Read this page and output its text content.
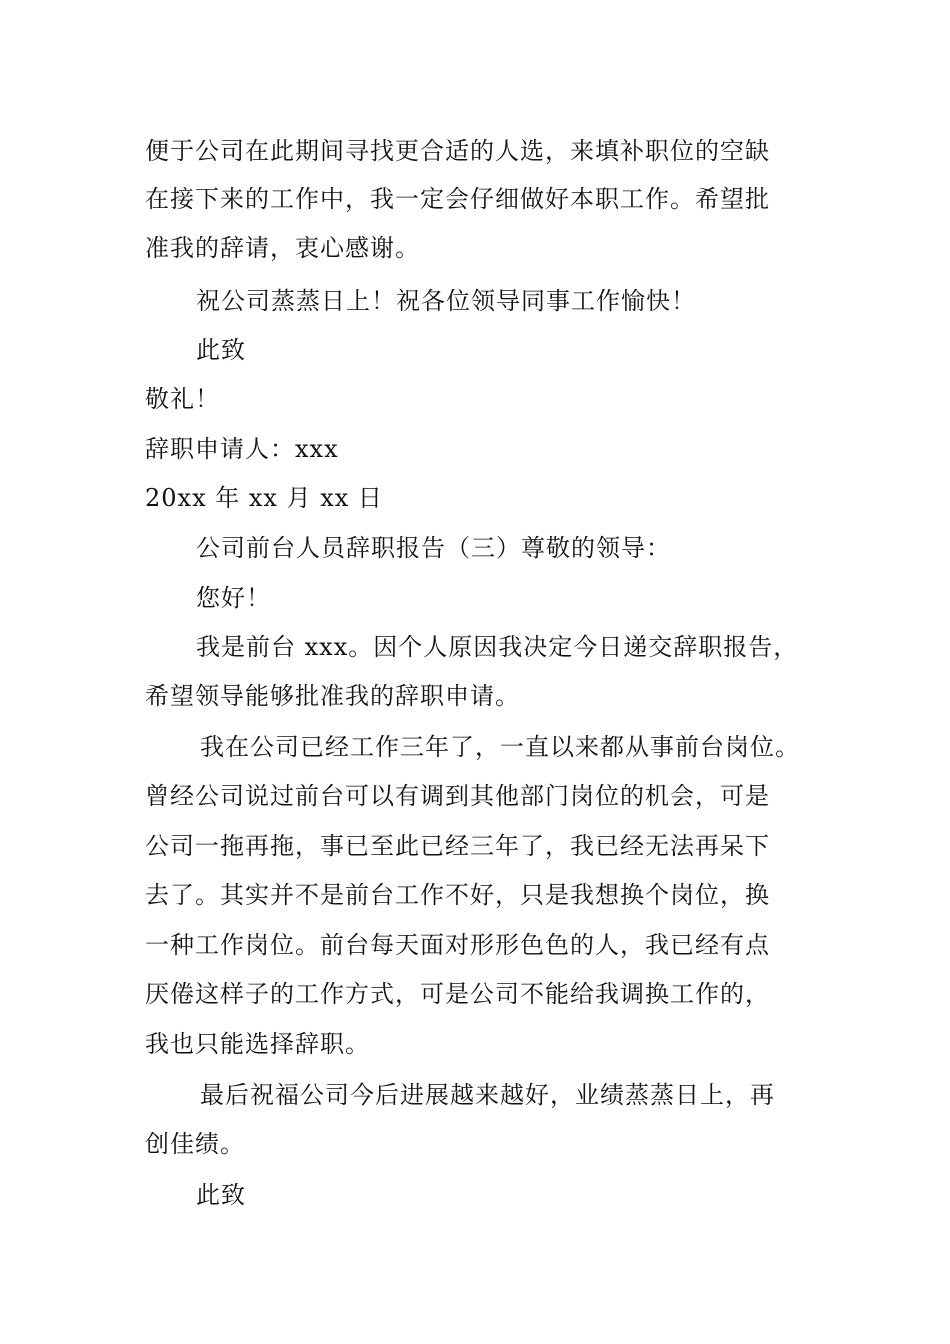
便于公司在此期间寻找更合适的人选，来填补职位的空缺
在接下来的工作中，我一定会仔细做好本职工作。希望批
准我的辞请，衷心感谢。
祝公司蒸蒸日上！祝各位领导同事工作愉快！
此致
敬礼！
辞职申请人：xxx
20xx 年 xx 月 xx 日
公司前台人员辞职报告（三）尊敬的领导：
您好！
我是前台 xxx。因个人原因我决定今日递交辞职报告，
希望领导能够批准我的辞职申请。
我在公司已经工作三年了，一直以来都从事前台岗位。
曾经公司说过前台可以有调到其他部门岗位的机会，可是
公司一拖再拖，事已至此已经三年了，我已经无法再呆下
去了。其实并不是前台工作不好，只是我想换个岗位，换
一种工作岗位。前台每天面对形形色色的人，我已经有点
厌倦这样子的工作方式，可是公司不能给我调换工作的，
我也只能选择辞职。
最后祝福公司今后进展越来越好，业绩蒸蒸日上，再
创佳绩。
此致
